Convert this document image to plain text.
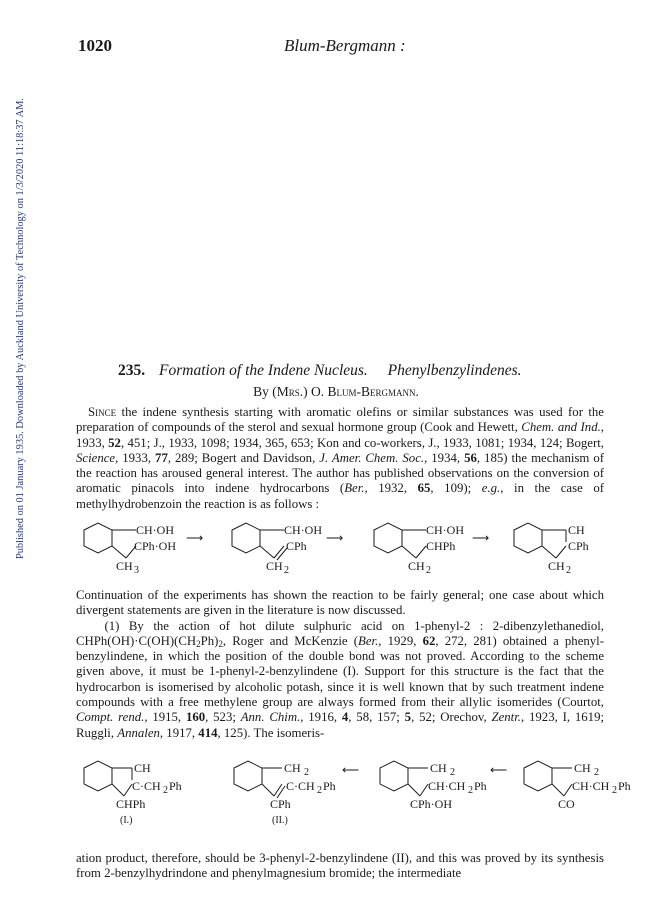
Published on 01 January 1935. Downloaded by Auckland University of Technology on 1/3/2020 11:18:37 AM.
1020	Blum-Bergmann :
235. Formation of the Indene Nucleus. Phenylbenzylindenes.
By (Mrs.) O. Blum-Bergmann.

Since the indene synthesis starting with aromatic olefins or similar substances was used for the preparation of compounds of the sterol and sexual hormone group (Cook and Hewett, Chem. and Ind., 1933, 52, 451; J., 1933, 1098; 1934, 365, 653; Kon and co-workers, J., 1933, 1081; 1934, 124; Bogert, Science, 1933, 77, 289; Bogert and Davidson, J. Amer. Chem. Soc., 1934, 56, 185) the mechanism of the reaction has aroused general interest. The author has published observations on the conversion of aromatic pinacols into indene hydrocarbons (Ber., 1932, 65, 109); e.g., in the case of methylhydrobenzoin the reaction is as follows :

CH·OH
CPh·OH
CH 3
⟶
CH·OH
CPh
CH 2
⟶
CH·OH
CHPh
CH 2
⟶
CH
CPh
CH 2

Continuation of the experiments has shown the reaction to be fairly general; one case about which divergent statements are given in the literature is now discussed.
(1) By the action of hot dilute sulphuric acid on 1-phenyl-2 : 2-dibenzylethanediol, $CHPh(OH)\cdot C(OH)(CH_2Ph)_2$, Roger and McKenzie (Ber., 1929, 62, 272, 281) obtained a phenyl-benzylindene, in which the position of the double bond was not proved. According to the scheme given above, it must be 1-phenyl-2-benzylindene (I). Support for this structure is the fact that the hydrocarbon is isomerised by alcoholic potash, since it is well known that by such treatment indene compounds with a free methylene group are always formed from their allylic isomerides (Courtot, Compt. rend., 1915, 160, 523; Ann. Chim., 1916, 4, 58, 157; 5, 52; Orechov, Zentr., 1923, I, 1619; Ruggli, Annalen, 1917, 414, 125). The isomeris-

CH
C·CH 2 Ph
CHPh
(I.)
CH 2
C·CH 2 Ph
CPh
(II.)
⟵	CH 2
CH·CH 2 Ph
CPh·OH
⟵	CH 2
CH·CH 2 Ph
CO

ation product, therefore, should be 3-phenyl-2-benzylindene (II), and this was proved by its synthesis from 2-benzylhydrindone and phenylmagnesium bromide; the intermediate
